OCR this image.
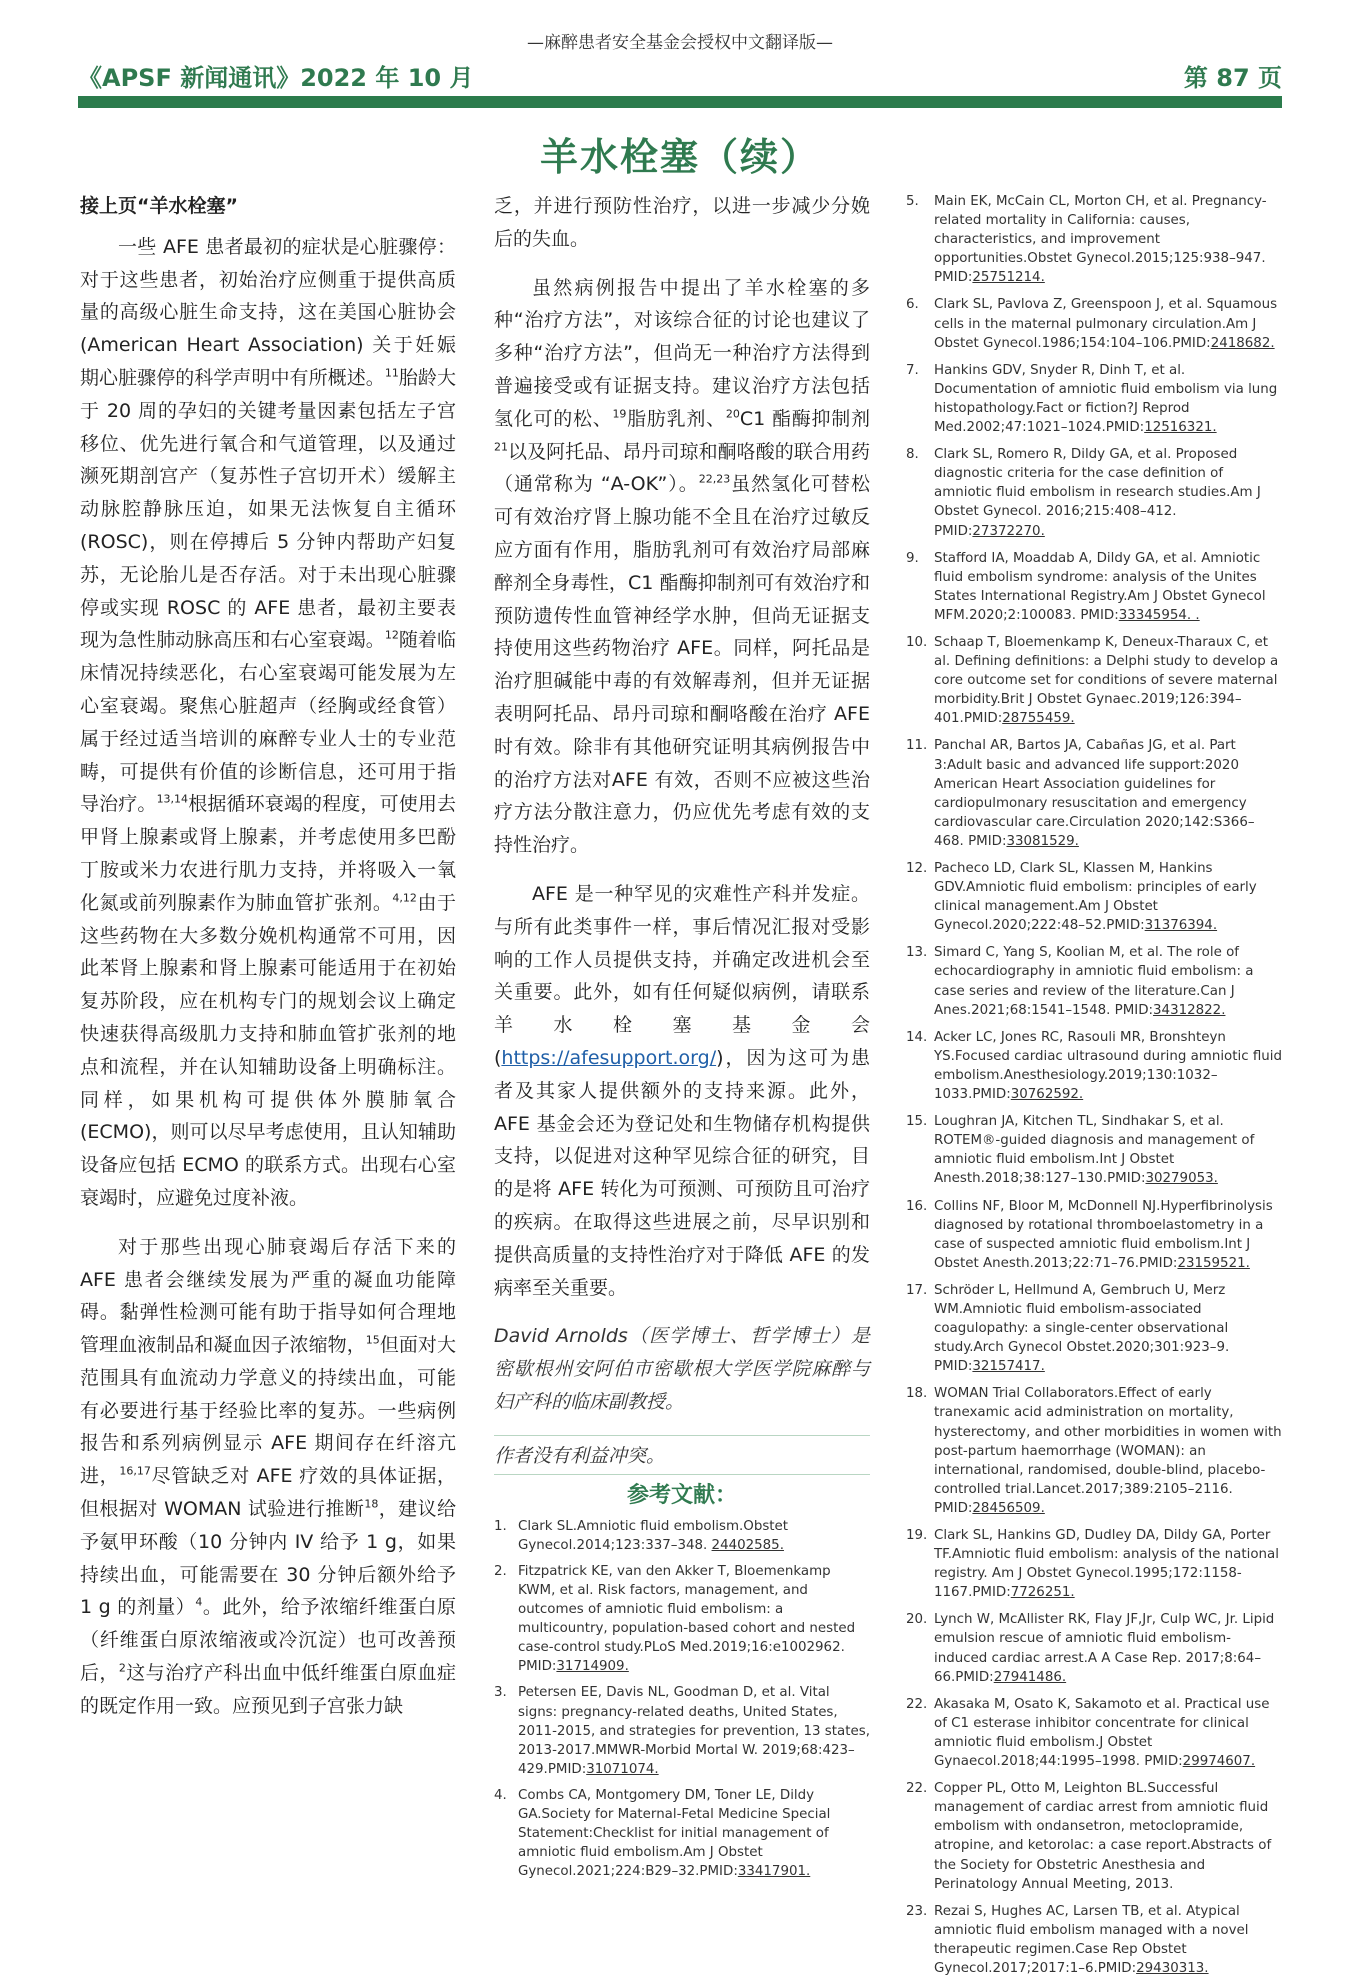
—麻醉患者安全基金会授权中文翻译版—
《APSF 新闻通讯》2022 年 10 月	第 87 页
羊水栓塞（续）
接上页“羊水栓塞”

一些 AFE 患者最初的症状是心脏骤停：对于这些患者，初始治疗应侧重于提供高质量的高级心脏生命支持，这在美国心脏协会 (American Heart Association) 关于妊娠期心脏骤停的科学声明中有所概述。$^{11}$胎龄大于 20 周的孕妇的关键考量因素包括左子宫移位、优先进行氧合和气道管理，以及通过濒死期剖宫产（复苏性子宫切开术）缓解主动脉腔静脉压迫，如果无法恢复自主循环 (ROSC)，则在停搏后 5 分钟内帮助产妇复苏，无论胎儿是否存活。对于未出现心脏骤停或实现 ROSC 的 AFE 患者，最初主要表现为急性肺动脉高压和右心室衰竭。$^{12}$随着临床情况持续恶化，右心室衰竭可能发展为左心室衰竭。聚焦心脏超声（经胸或经食管）属于经过适当培训的麻醉专业人士的专业范畴，可提供有价值的诊断信息，还可用于指导治疗。$^{13,14}$根据循环衰竭的程度，可使用去甲肾上腺素或肾上腺素，并考虑使用多巴酚丁胺或米力农进行肌力支持，并将吸入一氧化氮或前列腺素作为肺血管扩张剂。$^{4,12}$由于这些药物在大多数分娩机构通常不可用，因此苯肾上腺素和肾上腺素可能适用于在初始复苏阶段，应在机构专门的规划会议上确定快速获得高级肌力支持和肺血管扩张剂的地点和流程，并在认知辅助设备上明确标注。同样，如果机构可提供体外膜肺氧合 (ECMO)，则可以尽早考虑使用，且认知辅助设备应包括 ECMO 的联系方式。出现右心室衰竭时，应避免过度补液。

对于那些出现心肺衰竭后存活下来的AFE 患者会继续发展为严重的凝血功能障碍。黏弹性检测可能有助于指导如何合理地管理血液制品和凝血因子浓缩物，$^{15}$但面对大范围具有血流动力学意义的持续出血，可能有必要进行基于经验比率的复苏。一些病例报告和系列病例显示 AFE 期间存在纤溶亢进，$^{16,17}$尽管缺乏对 AFE 疗效的具体证据，但根据对 WOMAN 试验进行推断$^{18}$，建议给予氨甲环酸（10 分钟内 IV 给予 1 g，如果持续出血，可能需要在 30 分钟后额外给予 1 g 的剂量）$^4$。此外，给予浓缩纤维蛋白原（纤维蛋白原浓缩液或冷沉淀）也可改善预后，$^2$这与治疗产科出血中低纤维蛋白原血症的既定作用一致。应预见到子宫张力缺

乏，并进行预防性治疗，以进一步减少分娩后的失血。

虽然病例报告中提出了羊水栓塞的多种“治疗方法”，对该综合征的讨论也建议了多种“治疗方法”，但尚无一种治疗方法得到普遍接受或有证据支持。建议治疗方法包括氢化可的松、$^{19}$脂肪乳剂、$^{20}$C1 酯酶抑制剂$^{21}$以及阿托品、昂丹司琼和酮咯酸的联合用药（通常称为 “A-OK”）。$^{22,23}$虽然氢化可替松可有效治疗肾上腺功能不全且在治疗过敏反应方面有作用，脂肪乳剂可有效治疗局部麻醉剂全身毒性，C1 酯酶抑制剂可有效治疗和预防遗传性血管神经学水肿，但尚无证据支持使用这些药物治疗 AFE。同样，阿托品是治疗胆碱能中毒的有效解毒剂，但并无证据表明阿托品、昂丹司琼和酮咯酸在治疗 AFE 时有效。除非有其他研究证明其病例报告中的治疗方法对AFE 有效，否则不应被这些治疗方法分散注意力，仍应优先考虑有效的支持性治疗。

AFE 是一种罕见的灾难性产科并发症。与所有此类事件一样，事后情况汇报对受影响的工作人员提供支持，并确定改进机会至关重要。此外，如有任何疑似病例，请联系羊水栓塞基金会 (https://afesupport.org/)，因为这可为患者及其家人提供额外的支持来源。此外，AFE 基金会还为登记处和生物储存机构提供支持，以促进对这种罕见综合征的研究，目的是将 AFE 转化为可预测、可预防且可治疗的疾病。在取得这些进展之前，尽早识别和提供高质量的支持性治疗对于降低 AFE 的发病率至关重要。

David Arnolds（医学博士、哲学博士）是密歇根州安阿伯市密歇根大学医学院麻醉与妇产科的临床副教授。

作者没有利益冲突。
参考文献：
1. Clark SL.Amniotic fluid embolism.Obstet Gynecol.2014;123:337–348. 24402585.
2. Fitzpatrick KE, van den Akker T, Bloemenkamp KWM, et al. Risk factors, management, and outcomes of amniotic fluid embolism: a multicountry, population-based cohort and nested case-control study.PLoS Med.2019;16:e1002962. PMID:31714909.
3. Petersen EE, Davis NL, Goodman D, et al. Vital signs: pregnancy-related deaths, United States, 2011-2015, and strategies for prevention, 13 states, 2013-2017.MMWR-Morbid Mortal W. 2019;68:423–429.PMID:31071074.
4. Combs CA, Montgomery DM, Toner LE, Dildy GA.Society for Maternal-Fetal Medicine Special Statement:Checklist for initial management of amniotic fluid embolism.Am J Obstet Gynecol.2021;224:B29–32.PMID:33417901.
5. Main EK, McCain CL, Morton CH, et al. Pregnancy-related mortality in California: causes, characteristics, and improvement opportunities.Obstet Gynecol.2015;125:938–947. PMID:25751214.
6. Clark SL, Pavlova Z, Greenspoon J, et al. Squamous cells in the maternal pulmonary circulation.Am J Obstet Gynecol.1986;154:104–106.PMID:2418682.
7. Hankins GDV, Snyder R, Dinh T, et al. Documentation of amniotic fluid embolism via lung histopathology.Fact or fiction?J Reprod Med.2002;47:1021–1024.PMID:12516321.
8. Clark SL, Romero R, Dildy GA, et al. Proposed diagnostic criteria for the case definition of amniotic fluid embolism in research studies.Am J Obstet Gynecol. 2016;215:408–412. PMID:27372270.
9. Stafford IA, Moaddab A, Dildy GA, et al. Amniotic fluid embolism syndrome: analysis of the Unites States International Registry.Am J Obstet Gynecol MFM.2020;2:100083. PMID:33345954. .
10. Schaap T, Bloemenkamp K, Deneux-Tharaux C, et al. Defining definitions: a Delphi study to develop a core outcome set for conditions of severe maternal morbidity.Brit J Obstet Gynaec.2019;126:394–401.PMID:28755459.
11. Panchal AR, Bartos JA, Cabañas JG, et al. Part 3:Adult basic and advanced life support:2020 American Heart Association guidelines for cardiopulmonary resuscitation and emergency cardiovascular care.Circulation 2020;142:S366–468. PMID:33081529.
12. Pacheco LD, Clark SL, Klassen M, Hankins GDV.Amniotic fluid embolism: principles of early clinical management.Am J Obstet Gynecol.2020;222:48–52.PMID:31376394.
13. Simard C, Yang S, Koolian M, et al. The role of echocardiography in amniotic fluid embolism: a case series and review of the literature.Can J Anes.2021;68:1541–1548. PMID:34312822.
14. Acker LC, Jones RC, Rasouli MR, Bronshteyn YS.Focused cardiac ultrasound during amniotic fluid embolism.Anesthesiology.2019;130:1032–1033.PMID:30762592.
15. Loughran JA, Kitchen TL, Sindhakar S, et al. ROTEM®-guided diagnosis and management of amniotic fluid embolism.Int J Obstet Anesth.2018;38:127–130.PMID:30279053.
16. Collins NF, Bloor M, McDonnell NJ.Hyperfibrinolysis diagnosed by rotational thromboelastometry in a case of suspected amniotic fluid embolism.Int J Obstet Anesth.2013;22:71–76.PMID:23159521.
17. Schröder L, Hellmund A, Gembruch U, Merz WM.Amniotic fluid embolism-associated coagulopathy: a single-center observational study.Arch Gynecol Obstet.2020;301:923–9. PMID:32157417.
18. WOMAN Trial Collaborators.Effect of early tranexamic acid administration on mortality, hysterectomy, and other morbidities in women with post-partum haemorrhage (WOMAN): an international, randomised, double-blind, placebo-controlled trial.Lancet.2017;389:2105–2116. PMID:28456509.
19. Clark SL, Hankins GD, Dudley DA, Dildy GA, Porter TF.Amniotic fluid embolism: analysis of the national registry. Am J Obstet Gynecol.1995;172:1158-1167.PMID:7726251.
20. Lynch W, McAllister RK, Flay JF,Jr, Culp WC, Jr. Lipid emulsion rescue of amniotic fluid embolism-induced cardiac arrest.A A Case Rep. 2017;8:64–66.PMID:27941486.
22. Akasaka M, Osato K, Sakamoto et al. Practical use of C1 esterase inhibitor concentrate for clinical amniotic fluid embolism.J Obstet Gynaecol.2018;44:1995–1998. PMID:29974607.
22. Copper PL, Otto M, Leighton BL.Successful management of cardiac arrest from amniotic fluid embolism with ondansetron, metoclopramide, atropine, and ketorolac: a case report.Abstracts of the Society for Obstetric Anesthesia and Perinatology Annual Meeting, 2013.
23. Rezai S, Hughes AC, Larsen TB, et al. Atypical amniotic fluid embolism managed with a novel therapeutic regimen.Case Rep Obstet Gynecol.2017;2017:1–6.PMID:29430313.
